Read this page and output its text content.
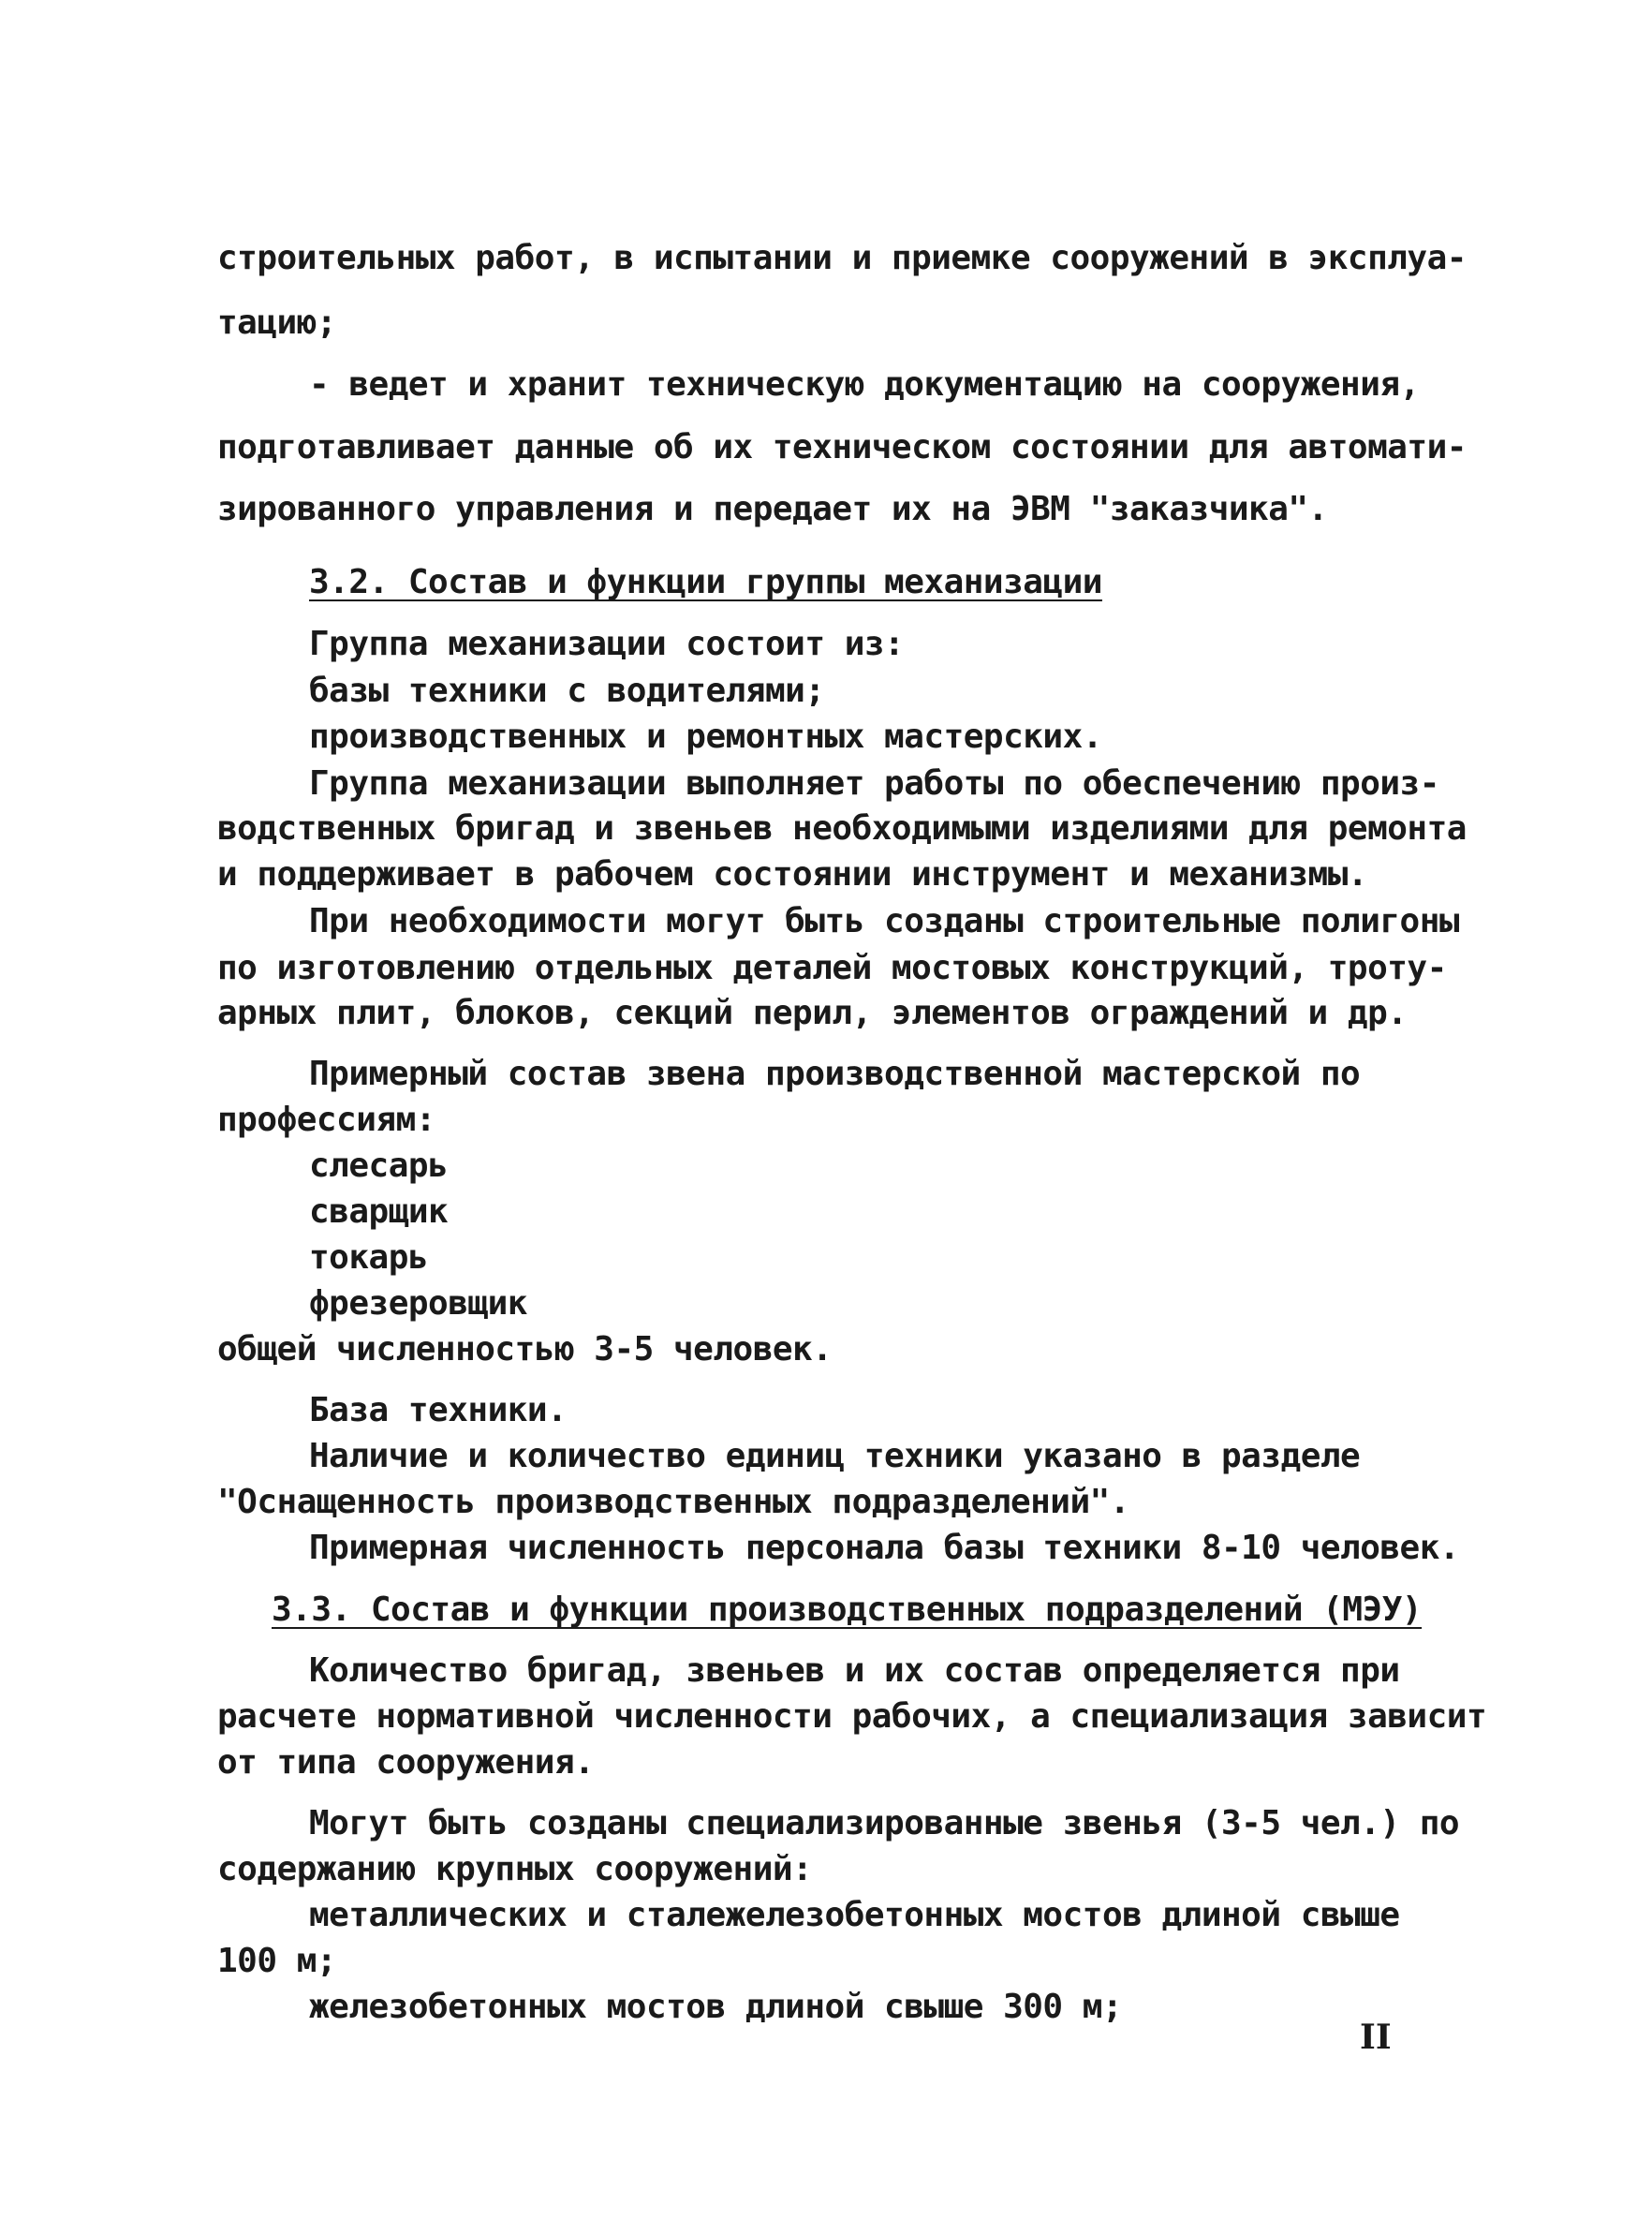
строительных работ, в испытании и приемке сооружений в эксплуа-
тацию;
- ведет и хранит техническую документацию на сооружения,
подготавливает данные об их техническом состоянии для автомати-
зированного управления и передает их на ЭВМ "заказчика".
3.2. Состав и функции группы механизации
Группа механизации состоит из:
базы техники с водителями;
производственных и ремонтных мастерских.
Группа механизации выполняет работы по обеспечению произ-
водственных бригад и звеньев необходимыми изделиями для ремонта
и поддерживает в рабочем состоянии инструмент и механизмы.
При необходимости могут быть созданы строительные полигоны
по изготовлению отдельных деталей мостовых конструкций, троту-
арных плит, блоков, секций перил, элементов ограждений и др.
Примерный состав звена производственной мастерской по
профессиям:
слесарь
сварщик
токарь
фрезеровщик
общей численностью 3-5 человек.
База техники.
Наличие и количество единиц техники указано в разделе
"Оснащенность производственных подразделений".
Примерная численность персонала базы техники 8-10 человек.
3.3. Состав и функции производственных подразделений (МЭУ)
Количество бригад, звеньев и их состав определяется при
расчете нормативной численности рабочих, а специализация зависит
от типа сооружения.
Могут быть созданы специализированные звенья (3-5 чел.) по
содержанию крупных сооружений:
металлических и сталежелезобетонных мостов длиной свыше
100 м;
железобетонных мостов длиной свыше 300 м;
II
